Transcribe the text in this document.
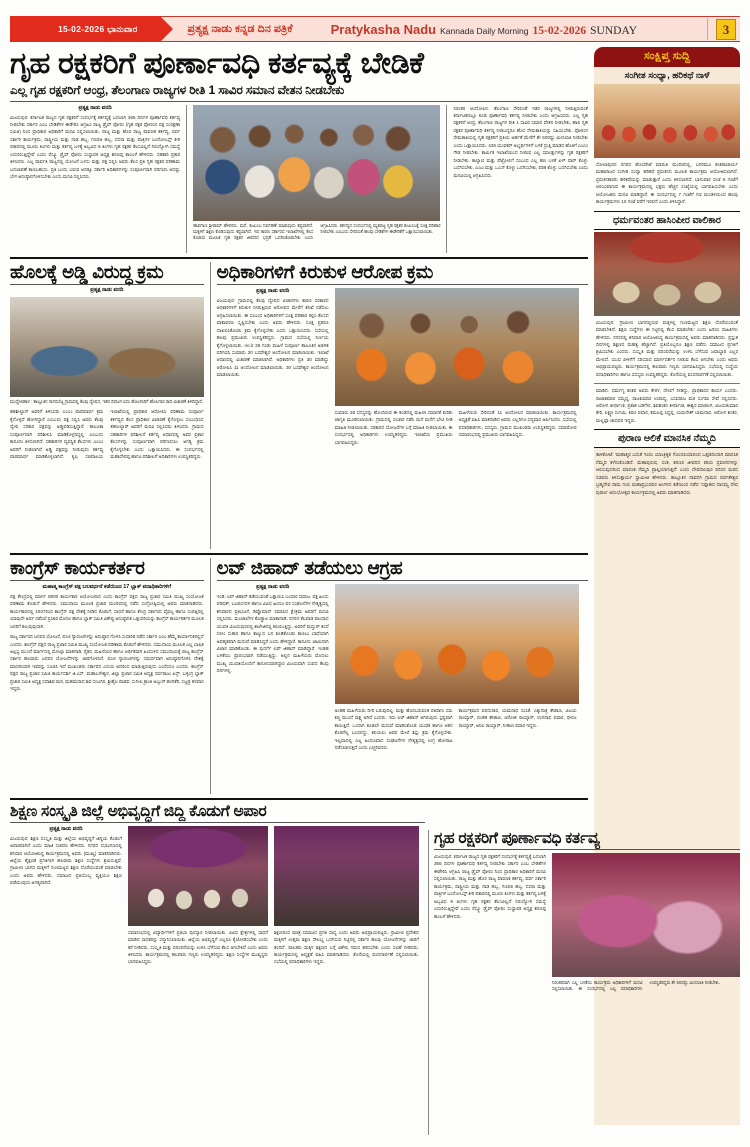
15-02-2026 ಭಾನುವಾರ	ಪ್ರತ್ಯಕ್ಷ ನಾಡು ಕನ್ನಡ ದಿನ ಪತ್ರಿಕೆ	Pratykasha Nadu Kannada Daily Morning 15-02-2026 SUNDAY	3
ಗೃಹ ರಕ್ಷಕರಿಗೆ ಪೂರ್ಣಾವಧಿ ಕರ್ತವ್ಯಕ್ಕೆ ಬೇಡಿಕೆ
ಎಲ್ಲ ಗೃಹ ರಕ್ಷಕರಿಗೆ ಆಂಧ್ರ, ತೆಲಂಗಾಣ ರಾಜ್ಯಗಳ ರೀತಿ 1 ಸಾವಿರ ಸಮಾನ ವೇತನ ನೀಡಬೇಕು
ಪ್ರತ್ಯಕ್ಷ ನಾಡು ವರದಿ
ವಿಜಯಪುರ: ಕರ್ನಾಟಕ ರಾಜ್ಯದ ಗೃಹ ರಕ್ಷಕರಿಗೆ ಸಂದರ್ಭಕ್ಕೆ ಕರ್ತವ್ಯಕ್ಕೆ ಬದಲಾಗಿ 365 ದಿನಗಳ ಪೂರ್ಣಾವಧಿ ಕರ್ತವ್ಯ ನೀಡಬೇಕು ಸರ್ಕಾರ ಎಂಬ ಬೇಡಿಕೆಗಳ ಈಡೇರಿಸಿ ಆಗ್ರಹಿಸಿ ರಾಜ್ಯ ಡ್ರೈವ್ ಫೋರಂ (ಗೃಹ ರಕ್ಷಕ ಫೋರಂನ ಪಕ್ಷ ಸಂರಕ್ಷಣಾ ಸಮಿತಿ) ನಿಂದ ಪ್ರಾಧಿಕಾರ ಅಧಿಕಾರಿಗೆ ಮನವಿ ಸಲ್ಲಿಸಲಾಯಿತು. ರಾಜ್ಯ ಮತ್ತು ಹೊರ ರಾಜ್ಯ ಪಾವಣಕ ಕರ್ತವ್ಯ, ಪರ್ವ ಸರ್ಕಾರಿ ಕಾರ್ಯಕ್ರಮ, ರಾಷ್ಟ್ರೀಯ ಮತ್ತು ನಾಡ ಹಬ್ಬ, ಗಣಪತಿ ಹಬ್ಬ, ದಸರಾ ಮತ್ತು ಪಾತ್ರಿಗಳ ಬಂದೋಬಸ್ತ್ ಕೀರಿ ಪಕಾರದಲ್ಲಿ ಮೂರು ತಿಂಗಳು ಮತ್ತು ಕರ್ತವ್ಯ ಬಳಕ್ಕೆ ಅಬ್ಬವಿಧ 9 ತಿಂಗಳು ಗೃಹ ರಕ್ಷಕರ ಕೆಲಸವಿಲ್ಲದೆ ನಿರುದ್ಯೋಗಿ ಸಮಸ್ಯೆ ಎದುರಿಸುತ್ತಿದ್ದೇವೆ ಎಂದು ರೆಸ್ಕ್ಯೂ ಡ್ರೈವ್ ಫೋರಂ ಸಂಸ್ಥಾಪಕ ಅಧ್ಯಕ್ಷ ಶರಣಪ್ಪ ಕಾಂಬಳೆ ಹೇಳಿದರು. ಸಹಕಾರಿ ಪ್ರಕಾರ ತಿಳಿಸಿದರು. ಎಲ್ಲ ಪಾರ್ವತಿ ರಾಜ್ಯದಲ್ಲಿ ಯೋಜನೆ ಬಳಸು ಮತ್ತು ಪಕ್ಷ ಸಲ್ಲಿಸಿ ಅವರು ಕೆಲಸ ಪ್ರತಿ ಗೃಹ ರಕ್ಷಕರ ಪರಿಣಾಮ ಬದಲಾವಣೆ ಕಾಣಬಹುದು. ಪ್ರತಿ ಬಂದು ಬರುವ ಅದಕ್ಕೂ ಸರ್ಕಾರಿ ಅಧಿಕಾರಿಗಳನ್ನು ಸಂಪೂರ್ಣವಾಗಿ ಪರಿಗಣಿಸಿ ಆದಷ್ಟು ಬೇಗ ಅನುಷ್ಠಾನಗೊಳಿಸಬೇಕು ಎಂದು ಮನವಿ ಸಲ್ಲಿಸಿದರು.
ಹಾವಗಾಣ ಶ್ರೀರಾಮ್ ಹೇಳಿದರು. ಮನೆ, ಕುಟುಂಬ ನಿರ್ವಹಣೆ ಮಾಡುವುದು ಕಷ್ಟವಾಗಿದೆ. ಮಕ್ಕಳಿಗೆ ಶಿಕ್ಷಣ ಕೊಡಿಸುವುದು ಕಷ್ಟವಾಗಿದೆ. ಇದ ಕಾರಣ ಸರ್ಕಾರದ ಇಲಾಖೆಗಳಲ್ಲಿ ಕೆಲಸ ಕೊಡುವ ಮೂಲಕ ಗೃಹ ರಕ್ಷಕರ ಜೀವನದ ಭದ್ರತೆ ಒದಗಿಸಿಕೊಡಬೇಕು ಎಂದು ಆಗ್ರಹಿಸಿದರು. ಕರ್ತವ್ಯದ ಸಂದರ್ಭದಲ್ಲಿ ಮೃತಪಟ್ಟ ಗೃಹ ರಕ್ಷಕರ ಕುಟುಂಬಕ್ಕೆ ಸೂಕ್ತ ಪರಿಹಾರ ನೀಡಬೇಕು ಎಂಬುದು ಸೇರಿದಂತೆ ಹಲವು ಬೇಡಿಕೆಗಳ ಈಡೇರಿಕೆಗೆ ಒತ್ತಾಯಿಸಲಾಯಿತು.
ನಿರಂತರ ಆಂದೋಲನ. ತೆಲಂಗಾಣ ಸೇರಿದಂತೆ ಇತರ ರಾಜ್ಯಗಳಲ್ಲಿ ನೀಡುತ್ತಿರುವಂತೆ ಕರ್ನಾಟಕದಲ್ಲೂ ಕೂಡ ಪೂರ್ಣಾವಧಿ ಕರ್ತವ್ಯ ನೀಡಬೇಕು ಎಂದು ಆಗ್ರಹಿಸಿದರು. ಎಲ್ಲ ಗೃಹ ರಕ್ಷಕರಿಗೆ ಆಂಧ್ರ, ತೆಲಂಗಾಣ ರಾಜ್ಯಗಳ ರೀತಿ 1 ಸಾವಿರ ಸಮಾನ ವೇತನ ನೀಡಬೇಕು, ಹಾಲಿ ಗೃಹ ರಕ್ಷಕರ ಪೂರ್ಣಾವಧಿ ಕರ್ತವ್ಯ ನೀಡಬದ್ದರೂ ಹೊಸ ನೇಮಕಾತಿಯನ್ನು ಸಹಿಯಬೇಕು. ಫೋರಂಗ ನೇಮಕಾತಿಯಲ್ಲಿ ಗೃಹ ರಕ್ಷಕರಿಗೆ ಪ್ರತಿಯ ಅರ್ಹತೆ ಮೇರೆಗೆ ಶೇ 50ರಷ್ಟು ಮೀಸಲಾತಿ ನೀಡಬೇಕು ಎಂದು ಒತ್ತಾಯಿಸಿದರು. 426 ಯುವಕರ್ ಅಭ್ಯರ್ಥಿಗಳಿಗೆ ಬಳಕೆ ದ್ರುತ್ತಿ ಮಾಡದ ಹೊತಿಗೆ ಎಂಎಂ ಗೌಡ ನೀಡಬೇಕು. ಕಾರ್ಮಿಕ ಇಲಾಖೆಯಿಂದ ನೀಡುವ ಎಲ್ಲ ಸವಲತ್ತುಗಳನ್ನು ಗೃಹ ರಕ್ಷಕರಿಗೆ ನೀಡಬೇಕು. ಕಾಲ್ಯಾಣಿ ಮತ್ತು ಪೆಟ್ರೋಲಿಗೆ ಸಂಬಂಧ ಎಲ್ಲ ಹಣ ಬಳಕೆ ಏಳ್ ಪಾರ್ ಕೊಳ್ಳು ಒದಗಿಸಬೇಕು. ಎಎಎ ಮತ್ತು ಒಎಸ್ ಕೊಳ್ಳು ಒದಗಿಸಬೇಕು, ಪಠಿತ ಕೊಳ್ಳು ಒದಗಿಸಬೇಕು ಎಂದು ಮನವಿಯಲ್ಲಿ ಆಗ್ರಹಿಸಿದರು.
ಹೊಲಕ್ಕೆ ಅಡ್ಡಿ ವಿರುದ್ಧ ಕ್ರಮ
ಪ್ರತ್ಯಕ್ಷ ನಾಡು ವರದಿ
ಮುದ್ದೇಬಿಹಾಳ : ತಾಲ್ಲೂಕಿನ ನಾಗರಬೆಟ್ಟ ಗ್ರಾಮದಲ್ಲಿ ಕೆಲವು ದ್ವೇಷದ, ಇತರ ದಿನಾಂಗ ಐದು ಹೊಲಗಾರಿಗೆ ಹೊಲಗಾರ ರಾದಿ ವಿಚಾರಣೆ ತಿಳಿದಿದ್ದಾರೆ.
ತಹಶೀಲ್ದಾರ್ ಅವರಿಗೆ ತಿಳಿಸಿದರು ಎಂಎಂ ಪಾರಮಾರ್ಥ ಕ್ರಮ ಕೈಗೊಳ್ಳದೆ ಹೋಗಿದ್ದಾರೆ ಎಂಬುದು ಪಕ್ಷ ಸಲ್ಲಿಸಿ ಅವರು ಕೆಲವು ದ್ವೇಷ ಸರಕಾರ ಪಕ್ಷವನ್ನು ಅಡ್ಡಿಪಡಿಸುತ್ತಿದ್ದಾರೆ. ತಾಲೂಕಾ ಸಂಪೂರ್ಣವಾಗಿ ಪರಿಶೀಲಿಸಿ ಮಾಡಿಕೊಳ್ಳದಿದ್ದಲ್ಲಿ ಎಂಬುದು ಕಾನೂನು ತಿಳಿಸಲಾಗಿದೆ. ಸಹಕಾರಿಗಳ ವ್ಯವಸ್ಥಿತ ಕೆಲಸಗಳು ಎಂಎಂ ಅವರಿಗೆ ನೀಡಲಾಗಿದೆ ಅಡ್ಡಿ ಪಕ್ಷವನ್ನು ನೀಡುವುದು ಕರ್ತವ್ಯ ಪಾರಮಾರ್ಥ ಮಾಡಿಕೊಳ್ಳಲಾಗಿದೆ. ಕೃಷಿ ಸಚಿವಾಲಯ ಇಲಾಖೆಯಲ್ಲಿ ಪ್ರಾಧಿಕಾರ ಆರೋಪಿಸಿ ಪರಿಣಾಮ ಸಂಪೂರ್ಣ ಕರ್ತವ್ಯದ ಕೆಲಸ ಪ್ರಾಧಿಕಾರ ವಿಚಾರಣೆ ಕೈಗೊಳ್ಳಲು ಸಂಬಂಧಿಸಿದ ತಹಸೀಲ್ದಾರ್ ಅವರಿಗೆ ಮನವಿ ಸಲ್ಲಿಸಿದರು ತಿಳಿಸಿದರು. ಗ್ರಾಮದ ಸಹಕಾರಿಗಳ ಪರಿಶೀಲನೆ ಕರ್ತವ್ಯ ಆಧಾರದಲ್ಲಿ ಅವರ ಪ್ರಕಾರ ಕೆಲಸಗಳನ್ನು ಸಂಪೂರ್ಣವಾಗಿ ಪರಿಗಣಿಸಲು ಅಗತ್ಯ ಕ್ರಮ ಕೈಗೊಳ್ಳಬೇಕು ಎಂದು ಒತ್ತಾಯಿಸಿದರು. ಈ ಸಂದರ್ಭದಲ್ಲಿ ಮಹಾದೇವಪ್ಪ ಹಾಗೂ ಪರಿಶೀಲನೆ ಅಧಿಕಾರಿಗಳು ಉಪಸ್ಥಿತರಿದ್ದರು.
ಅಧಿಕಾರಿಗಳಿಗೆ ಕಿರುಕುಳ ಆರೋಪ ಕ್ರಮ
ಪ್ರತ್ಯಕ್ಷ ನಾಡು ವರದಿ
ವಿಜಯಪುರ: ಗ್ರಾಮದಲ್ಲಿ ಕೆಲವು ದ್ವೇಷದ ವಿಚಾರಗಳು ಕಾರಣ ಸರಕಾರದ ಅಧಿಕಾರಿಗಳಿಗೆ ಕಿರುಕುಳ ನೀಡುತ್ತಿರುವ ಆರೋಪದ ಮೇರೆಗೆ ತನಿಖೆ ನಡೆಸಲು ಆಗ್ರಹಿಸಲಾಯಿತು. ಈ ಸಂಬಂಧ ಅಧಿಕಾರಿಗಳಿಗೆ ಸೂಕ್ತ ಪರಿಹಾರ ಕಲ್ಪಿಸಿ ಕೆಲಸದ ವಾತಾವರಣ ಸೃಷ್ಟಿಸಬೇಕು ಎಂದು ಅವರು ಹೇಳಿದರು. ಸೂಕ್ತ ಪ್ರಕರಣ ದಾಖಲಿಸಿಕೊಂಡು ಕ್ರಮ ಕೈಗೊಳ್ಳಬೇಕು ಎಂದು ಒತ್ತಾಯಿಸಿದರು. ಸಭೆಯಲ್ಲಿ ಹಲವು ಪ್ರಮುಖರು ಉಪಸ್ಥಿತರಿದ್ದರು. ಗ್ರಾಮದ ಸಭೆಯಲ್ಲಿ ನಿರ್ಣಯ ಕೈಗೊಳ್ಳಲಾಯಿತು. no.lr 36 ಗಂಡು ಮಹಿಳೆ ಸಂಪೂರ್ಣ ತಾಲೂಕಿನ ಅಡಳಿತ ಪರಿಗಣಿಸಿ ಸುಮಾರು 30 ಬಸವೇಶ್ವರ ಆಂದೋಲನ ಮಾಡಲಾಯಿತು. ಇಲಾಖೆ ಆಧಾರದಲ್ಲಿ ವಿಚಾರಣೆ ಮಾಡಲಾಗಿದೆ. ಅಧಿಕಾರಿಗಳು ಪ್ರತಿ 30 ಮಾಡಿದ್ದು ಆರೋಪಿಸಿ 11 ಆಂದೋಲನ ಮಾಡಲಾಯಿತು. 30 ಬಸವೇಶ್ವರ ಆಂದೋಲನ ಮಾಡಲಾಯಿತು.
ಸುಮಾರು 28 ಸದಸ್ಯರನ್ನು ಹೊಂದಿರುವ ಈ ತಂಡದಲ್ಲಿ ಮಹಿಳಾ ಸಮಾನತೆ ಕುರಿತು ಜಾಗೃತಿ ಮೂಡಿಸಲಾಯಿತು. ಗ್ರಾಮದಲ್ಲಿ ಸಂಚಾರ ನಡೆಸಿ ಮನೆ ಮನೆಗೆ ಭೇಟಿ ನೀಡಿ ಮಾಹಿತಿ ನೀಡಲಾಯಿತು. ಸರಕಾರದ ಯೋಜನೆಗಳ ಬಗ್ಗೆ ಮಾಹಿತಿ ನೀಡಲಾಯಿತು. ಈ ಸಂದರ್ಭದಲ್ಲಿ ಅಧಿಕಾರಿಗಳು ಉಪಸ್ಥಿತರಿದ್ದರು. ಇಲಾಖೆಯ ಪ್ರಮುಖರು ಭಾಗವಹಿಸಿದ್ದರು.
ಮಹಿಳೆಯರು ಸೇರಿದಂತೆ 11 ಆಂದೋಲನ ಮಾಡಲಾಯಿತು. ಕಾರ್ಯಕ್ರಮದಲ್ಲಿ ಅಧ್ಯಕ್ಷತೆ ವಹಿಸಿ ಮಾತನಾಡಿದ ಅವರು ಎಲ್ಲರಿಗೂ ಧನ್ಯವಾದ ಅರ್ಪಿಸಿದರು. ಸಭೆಯಲ್ಲಿ ಪದಾಧಿಕಾರಿಗಳು, ಸದಸ್ಯರು, ಗ್ರಾಮದ ಮುಖಂಡರು ಉಪಸ್ಥಿತರಿದ್ದರು. ಸಮಾರೋಪ ಸಮಾರಂಭದಲ್ಲಿ ಪ್ರಮುಖರು ಭಾಗವಹಿಸಿದ್ದರು.
ಕಾಂಗ್ರೆಸ್ ಕಾರ್ಯಕರ್ತರ
ಮಹಾತ್ಮ ಕಾಂಗ್ರೆಸ್ ಪಕ್ಷ ಬಲವರ್ಧನೆ ಕಡೆಯಿಂದ 17 ಬ್ಲಾಕ್ ಪದಾಧಿಕಾರಿಗಳಿಗೆ
ಪಕ್ಷ ಕೇಂದ್ರದಲ್ಲಿ ಮಾರ್ಗ 800ರ ಕಾರ್ಯಕಾರ ಆಯೋಜನಾದ ಎಂದು ಕಾಂಗ್ರೆಸ್ ಪಕ್ಷದ ರಾಜ್ಯ ಪ್ರಚಾರ ಸಮಿತಿ ಮುಖ್ಯ ಸಂಯೋಜಕ ಪರಿಣಾಮ ಕೊಡುಗೆ ಹೇಳಿದರು. ಸಮುದಾಯ ಮೂಲಕ ಪ್ರಚಾರ ಮಂದಿರದಲ್ಲಿ ನಡೆದ ಸಂಗ್ರೋಷ್ಠಿಯಲ್ಲಿ ಅವರು ಮಾತನಾಡಿದರು. ಕಾರ್ಯಕಾರದಲ್ಲಿ 1947ರಿಂದ ಕಾಂಗ್ರೆಸ್ ಪಕ್ಷ ದೇಶಕ್ಕೆ ನೀಡಿದ ಕೊಡುಗೆ, ಸಾಧನೆ ಹಾಗೂ ಕೇಂದ್ರ ಸರ್ಕಾರದ ವೈಫಲ್ಯ ಹಾಗೂ ಸಂಪತ್ತಿನಲ್ಲಿ ಯಾವುದೇ ಅರ್ಥ ನಡೆಸಲೆ ಪ್ರಚಾರ ಮೊದಲ ಹಾಗೂ ಬ್ಲಾಕ್ ಸಮಿತಿ ವಿಶೇಷ್ಟ ಅನುಷ್ಠಾನಿಕ ಒತ್ತುವರಿಯನ್ನು ಕಾಂಗ್ರೆಸ್ ಕಾರ್ಯಕರ್ತರ ಮೂಲಕ ಜನರಿಗೆ ತಲುಪುವುದಾಗಿ.
ರಾಜ್ಯ ಸರ್ಕಾರದ ಜನಪರ ಯೋಜನೆ, ಪಂಚ ಗ್ಯಾರಂಟಿಗಳನ್ನು ಅನುಷ್ಠಾನ ಗೊಳಿಸಿ ಸುಧಾರಿತ ನಡೆದ ಸರ್ಕಾರ ಎಂಬ ಹೆಮ್ಮೆ ಕಾರ್ಯಾನಿಕರಲ್ಲಿದೆ ಎಂದರು. ಕಾಂಗ್ರೆಸ್ ಪಕ್ಷದ ರಾಜ್ಯ ಪ್ರಚಾರ ಸಮಿತಿ ಮುಖ್ಯ ಸಂಯೋಜಕ ಪರಿಣಾಮ ಕೊಡುಗೆ ಹೇಳಿದರು. ಸಮುದಾಯ ಮೂಲಕ ಎಲ್ಲ ಭಾಷಿಕ ಅಲ್ಪಸ್ವ ಮುಂದೆ ಮಾರ್ಗದಲ್ಲಿ ಮೋಲ್ಗಾ ಮಾತನಾಡಿ, ರೈತರ, ಮಹಿಳೆಯರ ಹಾಗೂ ಆರ್ಥಿಕವಾಗಿ ಹಿಂದುಳಿದ ಸಮುದಾಯಕ್ಕೆ ರಾಜ್ಯ ಕಾಂಗ್ರೆಸ್ ಸರ್ಕಾರ ಹಲವಾರು ಜನಪರ ಯೋಜನೆಗಳನ್ನು ಜಾರಿಗೊಳಿಸಿದೆ. ಪಂಚ ಗ್ಯಾರಂಟಿಗಳನ್ನು ಸಮರ್ಥವಾಗಿ ಅನುಷ್ಠಾನಗೊಳಿಸಿ ದೇಶಕ್ಕೆ ಮಾದರಿಯಾಗಿ ಇವರನ್ನು ಸೂಚಿಸಿ ಇದೆ ಮುಖಂಡರು ಸರ್ಕಾರದ ಎದುರು ಅದರಿಂದ ಮಾಡುತ್ತಿರುವುದು ಎಂದೆಂದೂ ಎಂದರು. ಕಾಂಗ್ರೆಸ್ ಪಕ್ಷದ ರಾಜ್ಯ ಪ್ರಚಾರ ಸಮಿತಿ ಕಾರ್ಯದರ್ಶಿ ಜಿ.ಎಸ್. ಮಹಾಬಳೇಶ್ವರ, ಜಿಲ್ಲಾ ಪ್ರಚಾರ ಸಮಿತಿ ಅಧ್ಯಕ್ಷ ಸರ್ವರಾಜು ಏಸ್ರ್, ಬಳ್ಳಿಂಗ್ರ ಬ್ಲಾಕ್ ಪ್ರಚಾರ ಸಮಿತಿ ಅಧ್ಯಕ್ಷ ಸದಾಶಿವ ಮಠ, ಮಹಮದಾದ ಶಿವ ಸಂಬಗಿರ, ಶ್ರೀಶೈಲ ಪಾಡವ, ಸುನೀಲ ಕ್ರಾಂತಿ ಅಬ್ಬುರ್ ಹಂಗಿಕೆರಿ, ಸಜ್ಜಡ್ರ ತಳವಾರ ಇದ್ದರು.
ಲವ್ ಜಿಹಾದ್ ತಡೆಯಲು ಆಗ್ರಹ
ಪ್ರತ್ಯಕ್ಷ ನಾಡು ವರದಿ
ಇಂಡಿ: ಲವ್ ಜಿಹಾದ್ ತಡೆಯುವಂತೆ ಒತ್ತಾಯಿಸಿ ಬಂಧಾರ ಸಮಾಜ. ಪಕ್ಷ ಹಿಂದು ಪರಿಷತ್, ಬಜರಂಗದಳ ಹಾಗೂ ವಿವಿಧ ಹಿಂದೂ ಪರ ಸಂಘಟನೆಗಳ ನೇತೃತ್ವದಲ್ಲಿ ಶನಿವಾರದ ಪ್ರತಿಭಟನೆ, ಡಿಪ್ಲೊಮಾಸ್ ಸಮಾಸಿದ ಕ್ಷೇತ್ರಮ ಅವರಿಗೆ ಮನವಿ ಸಲ್ಲಿಸಿದರು. ಮಂಜಾಲೆಗಳ ಕೊಡ್ಡಾಲ ಮಾತಾನಾಡಿ, ನಗರದ ಕೆಲವಾಡ ಪಾಂದಾದ ಯುವತಿ ವಿಜಯಪುರದಲ್ಲಿ ಕಾಲೇಜಿನಲ್ಲಿ ಕಲಿಯುತ್ತಿದ್ದು, ಅವರಿಗೆ ಮದ್ದುರ್ ತಂದೆ ಸಲೀಂ ಸುತಾರ ಹಾಗೂ ಕಾಲ್ಯುದ ಬನ ಕೂಡಿಕೊಂಡು ಕಾಣಬು ಬಾಧೆಯಾಗಿ ಅಪಹೃತವಾಗಿ ಮದುವೆ ಮಾಡಿಸಿದ್ದರೆ ಎಂದು ಹೇಳಿದ್ದಾರೆ. ಕಾನೂನು ಜಾಮಿದಾಗಿ ವಿಚಾರ ಮಾಡಿಕೊಂಡು. ಈ ಪುದರ್ಗೆ ಲವ್ ಜಿಹಾದ್ ಮಾಡಿದ್ದಾರೆ. ಇಂತಹ ಬಳಕೆಯು ಪ್ರಾರಂಭವಾಗಿ ನಡೆಯುತ್ತಿದ್ದು, ಅಲ್ಲಿನ ಮಹಿಳೆಯರು ಮೊದಲು ಮುಖ್ಯ ಯುವತಿಯೊಂದಿಗೆ ಕಾನೂನುವಾಗಿದ್ದಾರ ವಿಜಯವಾಗಿ ಸಂಪದ ಕೆಲವು ದಿನಗಳಲ್ಲಿ.
ಅಂತಹ ಮಹಿಳೆಯರು ದೀರಿ ಬರುವುದಿಲ್ಲ. ಮತ್ತು ಹೊರಬರುವಂತ ಪತಿರಾಗು ಸಮ ಕಣ್ಣ ಮುಂದೆ ಸಾಕ್ಷ್ಯ ಅಗಿದೆ ಎಂದರು. ಇದು ಲವ್ ಜಿಹಾದ್ ಆಗಿರುವುದು ಸ್ಪಷ್ಟವಾಗಿ ಕಾಣುತ್ತಿದೆ. ಒಂದಾಗಿ ಕೂಡಲೇ ಮದುವೆ ಮಾಡಿಸಿಕೊಂಡ ಯುವಕ ಹಾಗೂ ಆತನ ಕೊಡಗೆಲ್ಲ ಬಂಧನದ್ದು, ಕಲಿಯಲು ಅವರ ಮೇಲೆ ಶಿಸ್ತು ಕ್ರಮ ಕೈಗೊಳ್ಳಬೇಕು. ಇಲ್ಲವಾದಲ್ಲಿ ಎಲ್ಲ ಹಿಂದೂವಾದ ಸಂಘಟನೆಗಳ ನೇತೃತ್ವದಲ್ಲಿ ಉಗ್ರ ಹೋರಾಟ ನಡೆಸಲಾಗುತ್ತದೆ ಎಂದು ಎಚ್ಚರಿಸಿದರು.
ಕಾರ್ಯಕ್ರಮದ ವರದುರಾರ, ಯಮನಾಥ ಸಂಸಿಕೆ. ಎಕ್ಕುನಾತ್ರ ಕೌಡಾಣ, ವಿಜಯ ರಾಯ್ಕಾರ್, ಪಂಡಿತ ಕೌಡಾಣ, ಆರೋಶ ರಾಯ್ಕಾರ್, ರಂಗನಾಥ ಪವಾರ, ಧೀರಜ ರಾಯ್ಕಾರ್, ಅನಿಲ ರಾಯ್ಕಾರ್, ನೀತಾಣ ಪವಾರ ಇದ್ದರು.
ಶಿಕ್ಷಣ ಸಂಸ್ಕೃತಿ ಜಿಲ್ಲೆ ಅಭಿವೃದ್ಧಿಗೆ ಜಿದ್ದಿ ಕೊಡುಗೆ ಅಪಾರ
ಪ್ರತ್ಯಕ್ಷ ನಾಡು ವರದಿ
ವಿಜಯಪುರ: ಶಿಕ್ಷಣ ಸಂಸ್ಕೃತಿ ಮತ್ತು ಜಿಲ್ಲೆಯ ಅಭಿವೃದ್ಧಿಗೆ ಜಿದ್ದಿಯ ಕೊಡುಗೆ ಅಪಾರವಾಗಿದೆ ಎಂದು ಮಾಜಿ ಸಚಿವರು ಹೇಳಿದರು. ನಗರದ ಸಭಾಂಗಣದಲ್ಲಿ ಶನಿವಾರ ಆಯೋಜಿಸಿದ್ದ ಕಾರ್ಯಕ್ರಮದಲ್ಲಿ ಅವರು (ಮುಖ್ಯ) ಮಾತನಾಡಿದರು. ಜಿಲ್ಲೆಯ ಶೈಕ್ಷಣಿಕ ಪ್ರಗತಿಗಾಗಿ ಹಲವಾರು ಶಿಕ್ಷಣ ಸಂಸ್ಥೆಗಳು ಶ್ರಮಿಸುತ್ತಿವೆ. ಗ್ರಾಮೀಣ ಭಾಗದ ಮಕ್ಕಳಿಗೆ ಗುಣಮಟ್ಟದ ಶಿಕ್ಷಣ ದೊರೆಯುವಂತೆ ಮಾಡಬೇಕು ಎಂದು ಅವರು ಹೇಳಿದರು. ಸಮಾಜದ ಪ್ರತಿಯೊಬ್ಬ ವ್ಯಕ್ತಿಯೂ ಶಿಕ್ಷಣ ಪಡೆಯುವುದು ಅಗತ್ಯವಾಗಿದೆ.
ಸಮಾರಂಭದಲ್ಲಿ ವಿದ್ಯಾರ್ಥಿಗಳಿಗೆ ಪ್ರತಿಭಾ ಪುರಸ್ಕಾರ ನೀಡಲಾಯಿತು. ವಿವಿಧ ಕ್ಷೇತ್ರಗಳಲ್ಲಿ ಸಾಧನೆ ಮಾಡಿದ ಸಾಧಕರನ್ನು ಸನ್ಮಾನಿಸಲಾಯಿತು. ಜಿಲ್ಲೆಯ ಅಭಿವೃದ್ಧಿಗೆ ಎಲ್ಲರೂ ಕೈಜೋಡಿಸಬೇಕು ಎಂದು ಕರೆ ನೀಡಿದರು. ಸಂಸ್ಕೃತಿ ಮತ್ತು ಪರಂಪರೆಯನ್ನು ಉಳಿಸಿ ಬೆಳೆಸುವ ಕೆಲಸ ಆಗಬೇಕಿದೆ ಎಂದು ಅವರು ತಿಳಿಸಿದರು. ಕಾರ್ಯಕ್ರಮದಲ್ಲಿ ಹಲವಾರು ಗಣ್ಯರು ಉಪಸ್ಥಿತರಿದ್ದರು. ಶಿಕ್ಷಣ ಸಂಸ್ಥೆಗಳ ಮುಖ್ಯಸ್ಥರು ಭಾಗವಹಿಸಿದ್ದರು.
ಶಿಕ್ಷಣದಿಂದ ಮಾತ್ರ ಸಮಾಜದ ಪ್ರಗತಿ ಸಾಧ್ಯ ಎಂದು ಅವರು ಅಭಿಪ್ರಾಯಪಟ್ಟರು. ಗ್ರಾಮೀಣ ಪ್ರದೇಶದ ಮಕ್ಕಳಿಗೆ ಉತ್ತಮ ಶಿಕ್ಷಣ ಸೌಲಭ್ಯ ಒದಗಿಸುವ ನಿಟ್ಟಿನಲ್ಲಿ ಸರ್ಕಾರ ಹಲವು ಯೋಜನೆಗಳನ್ನು ಜಾರಿಗೆ ತಂದಿದೆ. ಪಾಲಕರು ಮಕ್ಕಳ ಶಿಕ್ಷಣದ ಬಗ್ಗೆ ವಿಶೇಷ ಗಮನ ಹರಿಸಬೇಕು ಎಂದು ಸಲಹೆ ನೀಡಿದರು. ಕಾರ್ಯಕ್ರಮದಲ್ಲಿ ಅಧ್ಯಕ್ಷತೆ ವಹಿಸಿ ಮಾತನಾಡಿದರು. ಕೊನೆಯಲ್ಲಿ ವಂದನಾರ್ಪಣೆ ಸಲ್ಲಿಸಲಾಯಿತು. ಸಭೆಯಲ್ಲಿ ಪದಾಧಿಕಾರಿಗಳು ಇದ್ದರು.
ಸಂಕ್ಷಿಪ್ತ ಸುದ್ದಿ
ಸಂಗೀತ ಸಂಧ್ಯಾ, ಹರಿಕಥೆ ನಾಳೆ
ಸೋಲಾಪುರದ ನಗರದ ಹೊಸಪೇಟೆ ಮಾರುತಿ ಮಂದಿರದಲ್ಲಿ, ಬಗರಿಮೂ ಶಂಕರಾಚಾರ್ಯ ಮಹಾರಾಜರ ಸಂಗೀತ ಸಂಧ್ಯಾ ಹರಿಕಥೆ ಪ್ರವಚನದ ಮೂಲಕ ಕಾರ್ಯಕ್ರಮ ಆಯೋಜಿಸಲಾಗಿದೆ. ಪ್ರವಚನಕಾರರು ಹರಿಕಥೆಯನ್ನು ಮಾಡುತ್ತಾರೆ ಎಂದು ತಿಳಿಸಲಾಗಿದೆ. ಭಾನುವಾರ ಸಂಜೆ 6 ಗಂಟೆಗೆ ಆರಂಭವಾಗುವ ಈ ಕಾರ್ಯಕ್ರಮದಲ್ಲಿ ಭಕ್ತರು ಹೆಚ್ಚಿನ ಸಂಖ್ಯೆಯಲ್ಲಿ ಭಾಗವಹಿಸಬೇಕು ಎಂದು ಆಯೋಜಕರು ಮನವಿ ಮಾಡಿದ್ದಾರೆ. ಈ ಸಂದರ್ಭದಲ್ಲಿ 7 ಗಂಟೆಗೆ ಗಣಿ ಮಂಡಳಿಯಿಂದ ಹಲವು ಕಾರ್ಯಕ್ರಮಗಳು 10 ಗಂಟೆ ವರೆಗೆ ಇರಲಿದೆ ಎಂದು ತಿಳಿಸಿದ್ದಾರೆ.
ಧರ್ಮವಂತರ ಹಾಸಿಂಪೀರ ವಾಲಿಕಾರ
ವಿಜಯಪುರ: 'ಗ್ರಾಮೀಣ ಭಾಗದಲ್ಲಿರುವ ಮಕ್ಕಳಲ್ಲಿ ಗುಣಮಟ್ಟದ ಶಿಕ್ಷಣ ದೊರೆಯುವಂತೆ ಮಾಡಬೇಕಿದೆ. ಶಿಕ್ಷಣ ಸಂಸ್ಥೆಗಳು ಈ ನಿಟ್ಟಿನಲ್ಲಿ ಕೆಲಸ ಮಾಡಬೇಕು' ಎಂದು ಹಿರಿಯ ಸಾಹಿತಿಗಳು ಹೇಳಿದರು. ನಗರದಲ್ಲಿ ಶನಿವಾರ ಆಯೋಜಿಸಿದ್ದ ಕಾರ್ಯಕ್ರಮದಲ್ಲಿ ಅವರು ಮಾತನಾಡಿದರು. ಪ್ರಸ್ತುತ ದಿನಗಳಲ್ಲಿ ಶಿಕ್ಷಣದ ಮಹತ್ವ ಹೆಚ್ಚಾಗಿದೆ. ಪ್ರತಿಯೊಬ್ಬರೂ ಶಿಕ್ಷಣ ಪಡೆದು ಸಮಾಜದ ಪ್ರಗತಿಗೆ ಶ್ರಮಿಸಬೇಕು ಎಂದರು. ಸಂಸ್ಕೃತಿ ಮತ್ತು ಪರಂಪರೆಯನ್ನು ಉಳಿಸಿ ಬೆಳೆಸುವ ಜವಾಬ್ದಾರಿ ಎಲ್ಲರ ಮೇಲಿದೆ. ಯುವ ಪೀಳಿಗೆಗೆ ಸರಿಯಾದ ಮಾರ್ಗದರ್ಶನ ನೀಡುವ ಕೆಲಸ ಆಗಬೇಕು ಎಂದು ಅವರು ಅಭಿಪ್ರಾಯಪಟ್ಟರು. ಕಾರ್ಯಕ್ರಮದಲ್ಲಿ ಹಲವಾರು ಗಣ್ಯರು ಭಾಗವಹಿಸಿದ್ದರು. ಸಭೆಯಲ್ಲಿ ಸಂಸ್ಥೆಯ ಪದಾಧಿಕಾರಿಗಳು ಹಾಗೂ ಸದಸ್ಯರು ಉಪಸ್ಥಿತರಿದ್ದರು. ಕೊನೆಯಲ್ಲಿ ವಂದನಾರ್ಪಣೆ ಸಲ್ಲಿಸಲಾಯಿತು.
ಮಾಡಿದ. ಧರ್ಮಗ್ಯ ಶಂಕರ ಅವರು ಕೇರಳ, ದೇಣಿಗೆ ನೀಡಿದ್ದು, ಪ್ರಾಧಿಕಾರದ ಕಾರ್ಯ ಎಂದರು. ರಾಜಾಕಮಾರ ಸಮೃದ್ಧ, ರಾಜಕುಮಾರ ಉಪಾಧ್ಯ, ಬಸವರಾಜ ಮಠ ಸಂಗಮ ಸೇವೆ ಸಲ್ಲಿಸಿದರು. ಆರೋಗ ತೀರ್ಥಾಂಕ, ಪ್ರಕಾಶ ಬಡಿಗೇರ, ಶಿವಶಂಕರ ತೀರ್ಥಾಂಕ, ಈಶ್ವರ ಮಾಡಲಗಿ, ವಿಜಯಕುಮಾರ ಕೇರಿ, ಲಕ್ಷ್ಮಣ ಸಂಗಮಿ, ಕಿರಣ ಪವಾರ, ಕಮಲಪ್ಪ ಸಿದ್ದಪ್ಪ, ಯಮನೇಶ್ ಬಾಮನಾಥ, ಆರೋಗ ಶಂಕರ, ಮಲ್ಲಪ್ಪಾ ಜಾಧವರ ಇದ್ದರು.
ಪುರಾಣ ಆಲಿಕೆ ಮಾನಸಿಕ ನೆಮ್ಮದಿ
ತಾಳಿಕೋಟೆ: 'ಮಹಾತ್ಮರ ಬದುಕೆ ಇಂದು ಯಾಂತ್ರಿಕೃತ ಗೊಂದಲಿಯಾದಿಂದ ಒತ್ತಡದಿಂದಾಗಿ ಮಾನಸಿಕ ನೆಮ್ಮದಿ ಕಳೆದುಕೊಂಡಿದೆ. ಮಹಾಪುರುಷ, ಸಂತ, ಶರಣರ ಜೀವನದ ಕಿರಿಯ ಪ್ರವಚನಗಳನ್ನು ಆಲಿಸುವುದರಿಂದ ಮಾನಸಿಕ ನೆಮ್ಮದಿ ಪ್ರಾಪ್ತಿಯಾಗುತ್ತದೆ' ಎಂದು ದೇವದಾಸಿಪುರ ಪರಿಸರ ಮಠದ ಸಚಿವರು ತಿಳಿಸುತ್ತಾರ್ಯ ಸ್ವಾಮೀಜಿ ಹೇಳಿದರು. ತಾಲ್ಲೂಕಿನ ನಾವದಗಿ ಗ್ರಾಮದ ಪರ್ವತೇಶ್ವರ ಬ್ರಹ್ಮದೇವ ರಾಮ ಗುರು ಮಹಾಪ್ರಭುರವರ ಅಂಗಳದ ಕಡೆಯಿಂದ ನಡೆದ 'ಸಪ್ತಾಹದ ದಾನಮ್ಯ ದೇವ ಪುರಾಣ' ಆರಂಭೋತ್ಸವ ಕಾರ್ಯಕ್ರಮದಲ್ಲಿ ಅವರು ಮಾತನಾಡಿದರು.
ಗೃಹ ರಕ್ಷಕರಿಗೆ ಪೂರ್ಣಾವಧಿ ಕರ್ತವ್ಯ
ವಿಜಯಪುರ: ಕರ್ನಾಟಕ ರಾಜ್ಯದ ಗೃಹ ರಕ್ಷಕರಿಗೆ ಸಂದರ್ಭಕ್ಕೆ ಕರ್ತವ್ಯಕ್ಕೆ ಬದಲಾಗಿ 365 ದಿನಗಳ ಪೂರ್ಣಾವಧಿ ಕರ್ತವ್ಯ ನೀಡಬೇಕು ಸರ್ಕಾರ ಎಂಬ ಬೇಡಿಕೆಗಳ ಈಡೇರಿಸಿ ಆಗ್ರಹಿಸಿ ರಾಜ್ಯ ಡ್ರೈವ್ ಫೋರಂ ನಿಂದ ಪ್ರಾಧಿಕಾರ ಅಧಿಕಾರಿಗೆ ಮನವಿ ಸಲ್ಲಿಸಲಾಯಿತು. ರಾಜ್ಯ ಮತ್ತು ಹೊರ ರಾಜ್ಯ ಪಾವಣಕ ಕರ್ತವ್ಯ, ಪರ್ವ ಸರ್ಕಾರಿ ಕಾರ್ಯಕ್ರಮ, ರಾಷ್ಟ್ರೀಯ ಮತ್ತು ನಾಡ ಹಬ್ಬ, ಗಣಪತಿ ಹಬ್ಬ, ದಸರಾ ಮತ್ತು ಪಾತ್ರಿಗಳ ಬಂದೋಬಸ್ತ್ ಕೀರಿ ಪಕಾರದಲ್ಲಿ ಮೂರು ತಿಂಗಳು ಮತ್ತು ಕರ್ತವ್ಯ ಬಳಕ್ಕೆ ಅಬ್ಬವಿಧ 9 ತಿಂಗಳು ಗೃಹ ರಕ್ಷಕರ ಕೆಲಸವಿಲ್ಲದೆ ನಿರುದ್ಯೋಗಿ ಸಮಸ್ಯೆ ಎದುರಿಸುತ್ತಿದ್ದೇವೆ ಎಂದು ರೆಸ್ಕ್ಯೂ ಡ್ರೈವ್ ಫೋರಂ ಸಂಸ್ಥಾಪಕ ಅಧ್ಯಕ್ಷ ಶರಣಪ್ಪ ಕಾಂಬಳೆ ಹೇಳಿದರು.
ನಿರಂತರವಾಗಿ ಎಲ್ಲ ಬಳಕೆಯ ಕಾರ್ಯಕ್ರಮ ಅಧಿಕಾರಿಗಳಿಗೆ ಮನವಿ ಸಲ್ಲಿಸಲಾಯಿತು. ಈ ಸಂದರ್ಭದಲ್ಲಿ ಎಲ್ಲ ಪದಾಧಿಕಾರಿಗಳು ಉಪಸ್ಥಿತರಿದ್ದರು ಶೇ 50ರಷ್ಟು ಮೀಸಲಾತಿ ನೀಡಬೇಕು.
